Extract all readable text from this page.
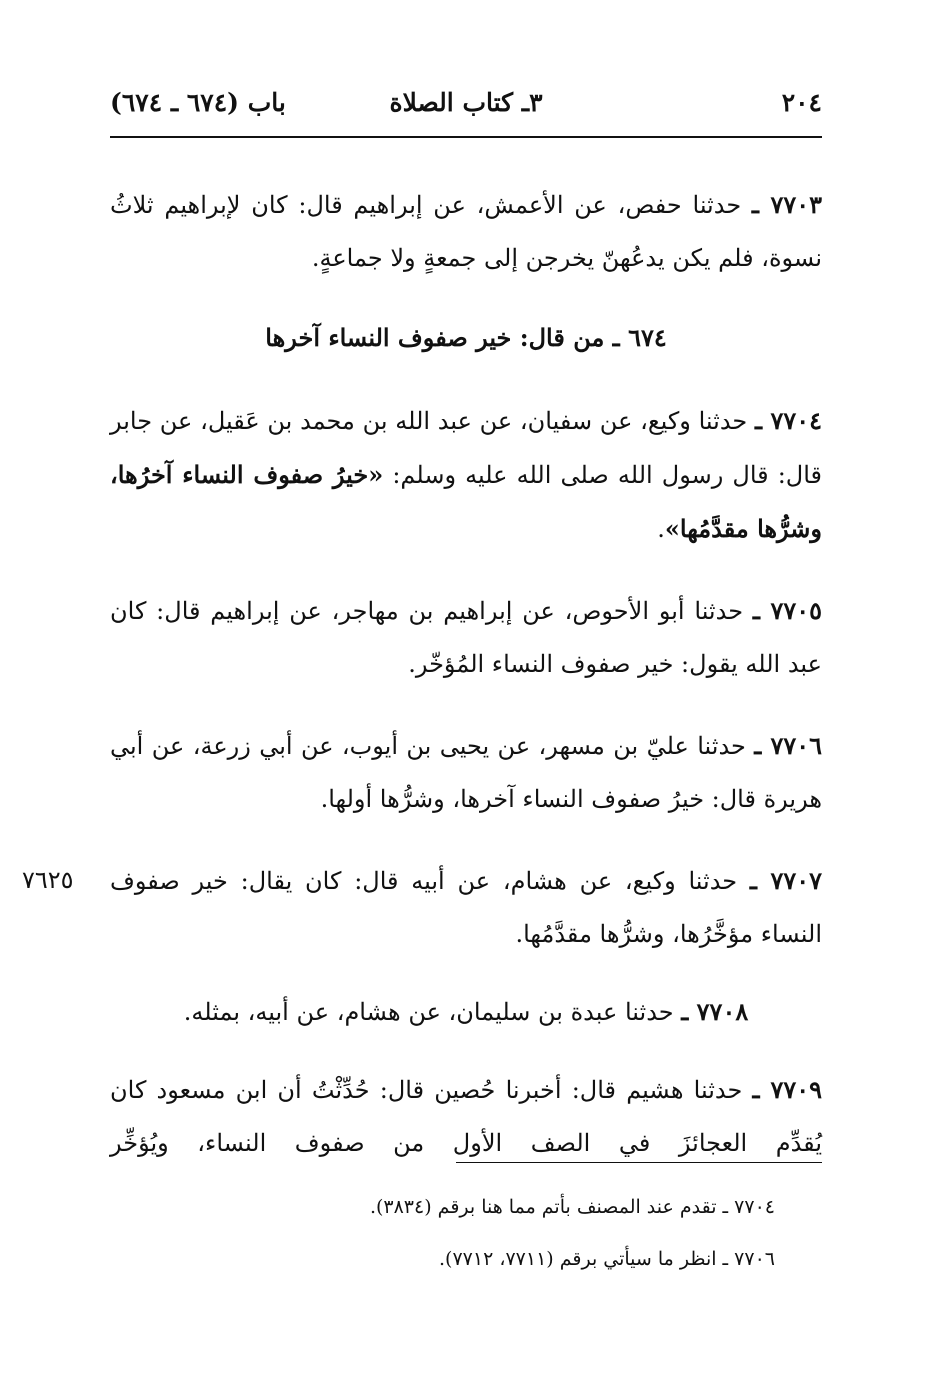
٢٠٤
٣ـ كتاب الصلاة
باب (٦٧٤ ـ ٦٧٤)

٧٧٠٣ ـ حدثنا حفص، عن الأعمش، عن إبراهيم قال: كان لإبراهيم ثلاثُ نسوة، فلم يكن يدعُهنّ يخرجن إلى جمعةٍ ولا جماعةٍ.

٦٧٤ ـ من قال: خير صفوف النساء آخرها

٧٧٠٤ ـ حدثنا وكيع، عن سفيان، عن عبد الله بن محمد بن عَقيل، عن جابر قال: قال رسول الله صلى الله عليه وسلم: «خيرُ صفوف النساء آخرُها، وشرُّها مقدَّمُها».

٧٧٠٥ ـ حدثنا أبو الأحوص، عن إبراهيم بن مهاجر، عن إبراهيم قال: كان عبد الله يقول: خير صفوف النساء المُؤخّر.

٧٧٠٦ ـ حدثنا عليّ بن مسهر، عن يحيى بن أيوب، عن أبي زرعة، عن أبي هريرة قال: خيرُ صفوف النساء آخرها، وشرُّها أولها.

٧٦٢٥	٧٧٠٧ ـ حدثنا وكيع، عن هشام، عن أبيه قال: كان يقال: خير صفوف النساء مؤخَّرُها، وشرُّها مقدَّمُها.

٧٧٠٨ ـ حدثنا عبدة بن سليمان، عن هشام، عن أبيه، بمثله.

٧٧٠٩ ـ حدثنا هشيم قال: أخبرنا حُصين قال: حُدِّثْتُ أن ابن مسعود كان يُقدِّم العجائزَ في الصف الأول من صفوف النساء، ويُؤخِّر

٧٧٠٤ ـ تقدم عند المصنف بأتم مما هنا برقم (٣٨٣٤).
٧٧٠٦ ـ انظر ما سيأتي برقم (٧٧١١، ٧٧١٢).
